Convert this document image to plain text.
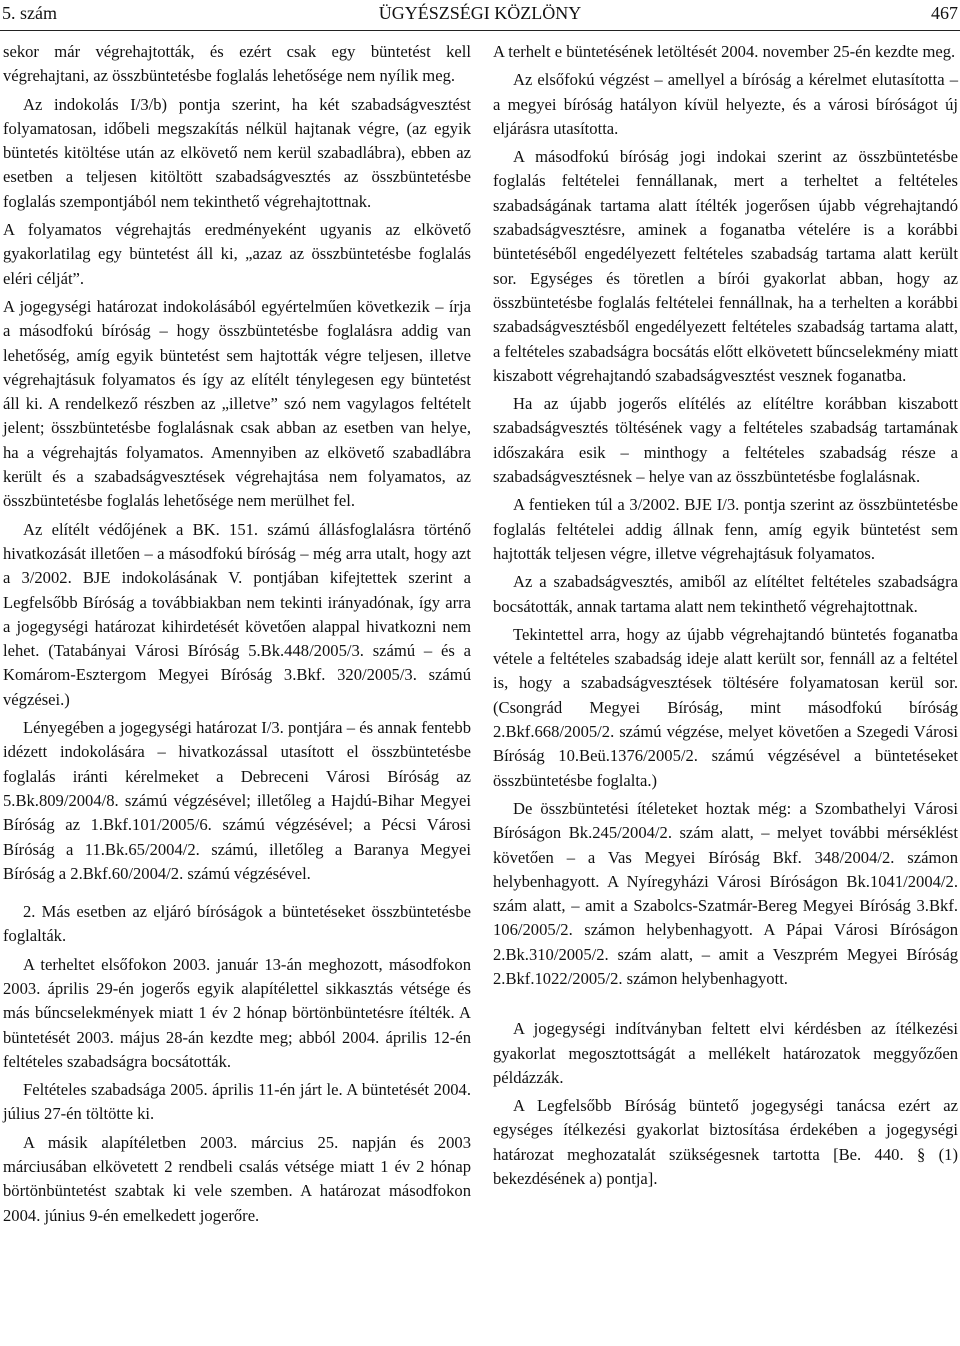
ÜGYÉSZSÉGI KÖZLÖNY
5. szám	467

sekor már végrehajtották, és ezért csak egy büntetést kell végrehajtani, az összbüntetésbe foglalás lehetősége nem nyílik meg.

Az indokolás I/3/b) pontja szerint, ha két szabadságvesztést folyamatosan, időbeli megszakítás nélkül hajtanak végre, (az egyik büntetés kitöltése után az elkövető nem kerül szabadlábra), ebben az esetben a teljesen kitöltött szabadságvesztés az összbüntetésbe foglalás szempontjából nem tekinthető végrehajtottnak.

A folyamatos végrehajtás eredményeként ugyanis az elkövető gyakorlatilag egy büntetést áll ki, „azaz az összbüntetésbe foglalás eléri célját”.

A jogegységi határozat indokolásából egyértelműen következik – írja a másodfokú bíróság – hogy összbüntetésbe foglalásra addig van lehetőség, amíg egyik büntetést sem hajtották végre teljesen, illetve végrehajtásuk folyamatos és így az elítélt ténylegesen egy büntetést áll ki. A rendelkező részben az „illetve” szó nem vagylagos feltételt jelent; összbüntetésbe foglalásnak csak abban az esetben van helye, ha a végrehajtás folyamatos. Amennyiben az elkövető szabadlábra került és a szabadságvesztések végrehajtása nem folyamatos, az összbüntetésbe foglalás lehetősége nem merülhet fel.

Az elítélt védőjének a BK. 151. számú állásfoglalásra történő hivatkozását illetően – a másodfokú bíróság – még arra utalt, hogy azt a 3/2002. BJE indokolásának V. pontjában kifejtettek szerint a Legfelsőbb Bíróság a továbbiakban nem tekinti irányadónak, így arra a jogegységi határozat kihirdetését követően alappal hivatkozni nem lehet. (Tatabányai Városi Bíróság 5.Bk.448/2005/3. számú – és a Komárom-Esztergom Megyei Bíróság 3.Bkf. 320/2005/3. számú végzései.)

Lényegében a jogegységi határozat I/3. pontjára – és annak fentebb idézett indokolására – hivatkozással utasított el összbüntetésbe foglalás iránti kérelmeket a Debreceni Városi Bíróság az 5.Bk.809/2004/8. számú végzésével; illetőleg a Hajdú-Bihar Megyei Bíróság az 1.Bkf.101/2005/6. számú végzésével; a Pécsi Városi Bíróság a 11.Bk.65/2004/2. számú, illetőleg a Baranya Megyei Bíróság a 2.Bkf.60/2004/2. számú végzésével.

2. Más esetben az eljáró bíróságok a büntetéseket összbüntetésbe foglalták.

A terheltet elsőfokon 2003. január 13-án meghozott, másodfokon 2003. április 29-én jogerős egyik alapítélettel sikkasztás vétsége és más bűncselekmények miatt 1 év 2 hónap börtönbüntetésre ítélték. A büntetését 2003. május 28-án kezdte meg; abból 2004. április 12-én feltételes szabadságra bocsátották.

Feltételes szabadsága 2005. április 11-én járt le. A büntetését 2004. július 27-én töltötte ki.

A másik alapítéletben 2003. március 25. napján és 2003 márciusában elkövetett 2 rendbeli csalás vétsége miatt 1 év 2 hónap börtönbüntetést szabtak ki vele szemben. A határozat másodfokon 2004. június 9-én emelkedett jogerőre.

A terhelt e büntetésének letöltését 2004. november 25-én kezdte meg.

Az elsőfokú végzést – amellyel a bíróság a kérelmet elutasította – a megyei bíróság hatályon kívül helyezte, és a városi bíróságot új eljárásra utasította.

A másodfokú bíróság jogi indokai szerint az összbüntetésbe foglalás feltételei fennállanak, mert a terheltet a feltételes szabadságának tartama alatt ítélték jogerősen újabb végrehajtandó szabadságvesztésre, aminek a foganatba vételére is a korábbi büntetéséből engedélyezett feltételes szabadság tartama alatt került sor. Egységes és töretlen a bírói gyakorlat abban, hogy az összbüntetésbe foglalás feltételei fennállnak, ha a terhelten a korábbi szabadságvesztésből engedélyezett feltételes szabadság tartama alatt, a feltételes szabadságra bocsátás előtt elkövetett bűncselekmény miatt kiszabott végrehajtandó szabadságvesztést vesznek foganatba.

Ha az újabb jogerős elítélés az elítéltre korábban kiszabott szabadságvesztés töltésének vagy a feltételes szabadság tartamának időszakára esik – minthogy a feltételes szabadság része a szabadságvesztésnek – helye van az összbüntetésbe foglalásnak.

A fentieken túl a 3/2002. BJE I/3. pontja szerint az összbüntetésbe foglalás feltételei addig állnak fenn, amíg egyik büntetést sem hajtották teljesen végre, illetve végrehajtásuk folyamatos.

Az a szabadságvesztés, amiből az elítéltet feltételes szabadságra bocsátották, annak tartama alatt nem tekinthető végrehajtottnak.

Tekintettel arra, hogy az újabb végrehajtandó büntetés foganatba vétele a feltételes szabadság ideje alatt került sor, fennáll az a feltétel is, hogy a szabadságvesztések töltésére folyamatosan kerül sor. (Csongrád Megyei Bíróság, mint másodfokú bíróság 2.Bkf.668/2005/2. számú végzése, melyet követően a Szegedi Városi Bíróság 10.Beü.1376/2005/2. számú végzésével a büntetéseket összbüntetésbe foglalta.)

De összbüntetési ítéleteket hoztak még: a Szombathelyi Városi Bíróságon Bk.245/2004/2. szám alatt, – melyet további mérséklést követően – a Vas Megyei Bíróság Bkf. 348/2004/2. számon helybenhagyott. A Nyíregyházi Városi Bíróságon Bk.1041/2004/2. szám alatt, – amit a Szabolcs-Szatmár-Bereg Megyei Bíróság 3.Bkf. 106/2005/2. számon helybenhagyott. A Pápai Városi Bíróságon 2.Bk.310/2005/2. szám alatt, – amit a Veszprém Megyei Bíróság 2.Bkf.1022/2005/2. számon helybenhagyott.

A jogegységi indítványban feltett elvi kérdésben az ítélkezési gyakorlat megosztottságát a mellékelt határozatok meggyőzően példázzák.

A Legfelsőbb Bíróság büntető jogegységi tanácsa ezért az egységes ítélkezési gyakorlat biztosítása érdekében a jogegységi határozat meghozatalát szükségesnek tartotta [Be. 440. § (1) bekezdésének a) pontja].
